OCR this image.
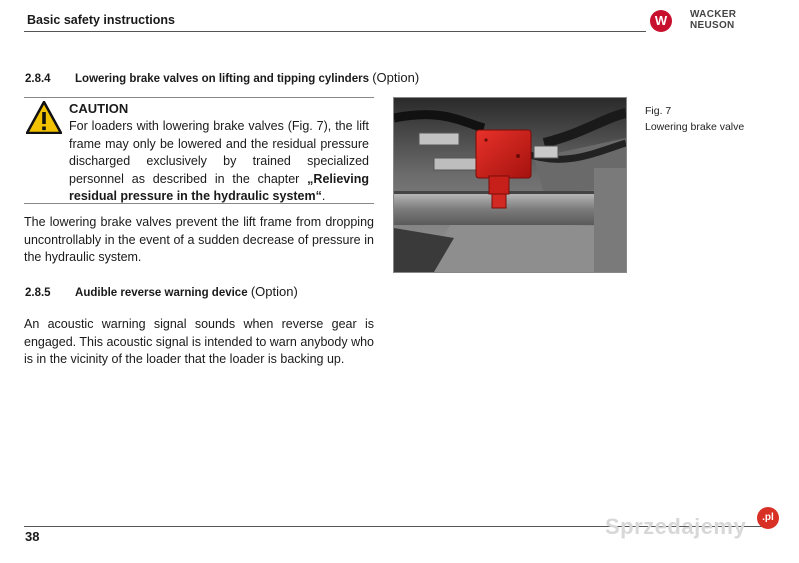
Basic safety instructions	W	WACKER
NEUSON
2.8.4 Lowering brake valves on lifting and tipping cylinders (Option)
CAUTION
For loaders with lowering brake valves (Fig. 7), the lift frame may only be lowered and the residual pressure discharged exclusively by trained specialized personnel as described in the chapter „Relieving residual pressure in the hydraulic system“.
The lowering brake valves prevent the lift frame from dropping uncontrollably in the event of a sudden decrease of pressure in the hydraulic system.
2.8.5 Audible reverse warning device (Option)
An acoustic warning signal sounds when reverse gear is engaged. This acoustic signal is intended to warn anybody who is in the vicinity of the loader that the loader is backing up.
Fig. 7
Lowering brake valve
38	Sprzedajemy	.pl
